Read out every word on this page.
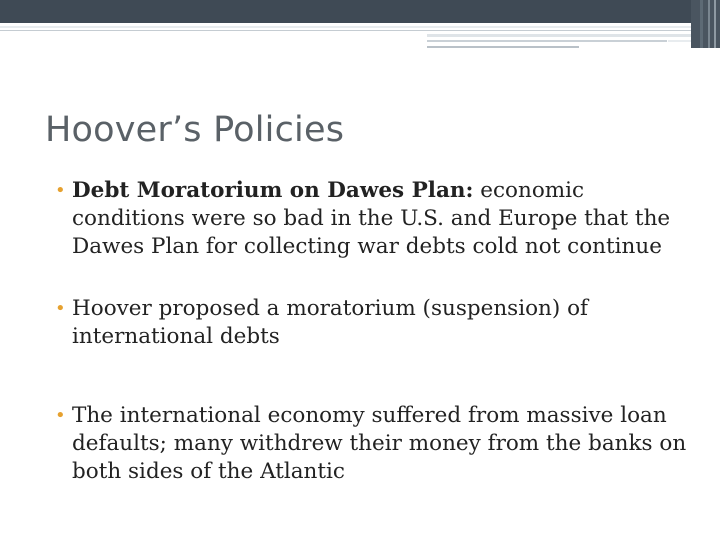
Hoover’s Policies
• Debt Moratorium on Dawes Plan: economic conditions were so bad in the U.S. and Europe that the Dawes Plan for collecting war debts cold not continue
• Hoover proposed a moratorium (suspension) of international debts
• The international economy suffered from massive loan defaults; many withdrew their money from the banks on both sides of the Atlantic
